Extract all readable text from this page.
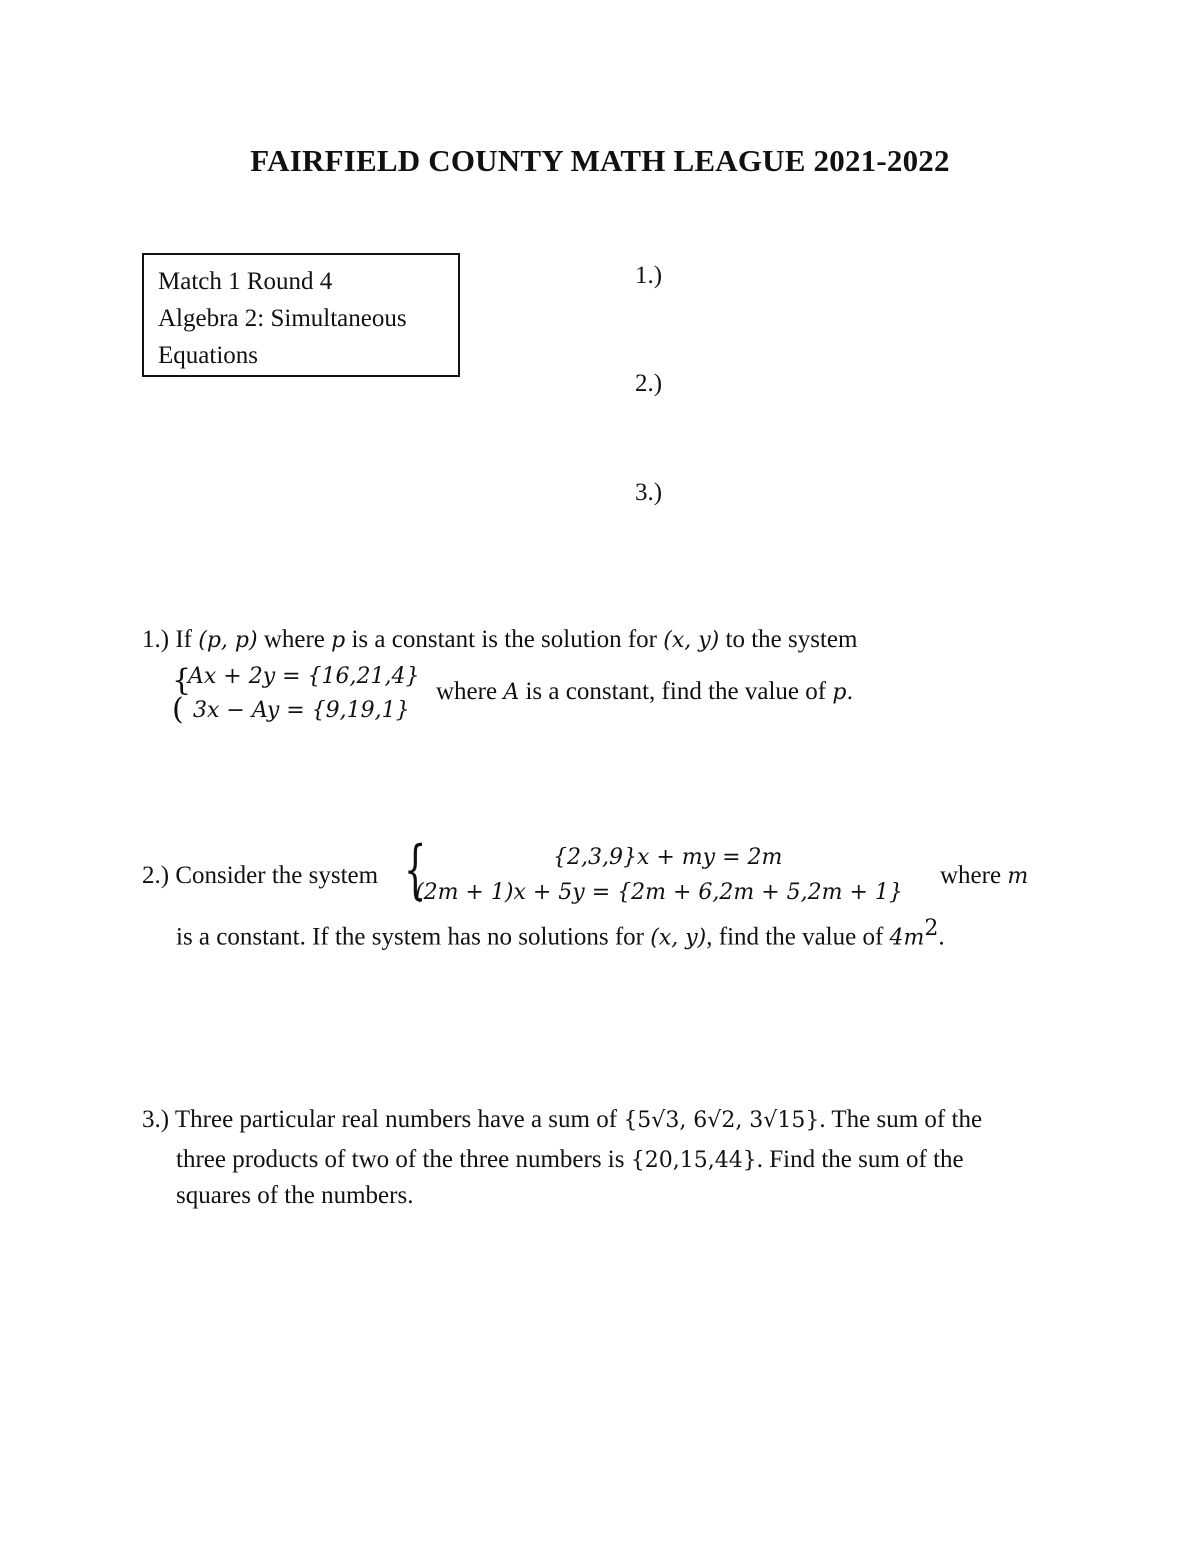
FAIRFIELD COUNTY MATH LEAGUE 2021-2022
Match 1 Round 4
Algebra 2: Simultaneous
Equations
1.)
2.)
3.)
1.) If (p, p) where p is a constant is the solution for (x, y) to the system
{
(
Ax + 2y = {16,21,4}
3x − Ay = {9,19,1}
where A is a constant, find the value of p.
2.) Consider the system {	{2,3,9}x + my = 2m
(2m + 1)x + 5y = {2m + 6,2m + 5,2m + 1}
where m
is a constant. If the system has no solutions for (x, y), find the value of $4m^2$.
3.) Three particular real numbers have a sum of {5√3, 6√2, 3√15}. The sum of the
three products of two of the three numbers is {20,15,44}. Find the sum of the
squares of the numbers.
